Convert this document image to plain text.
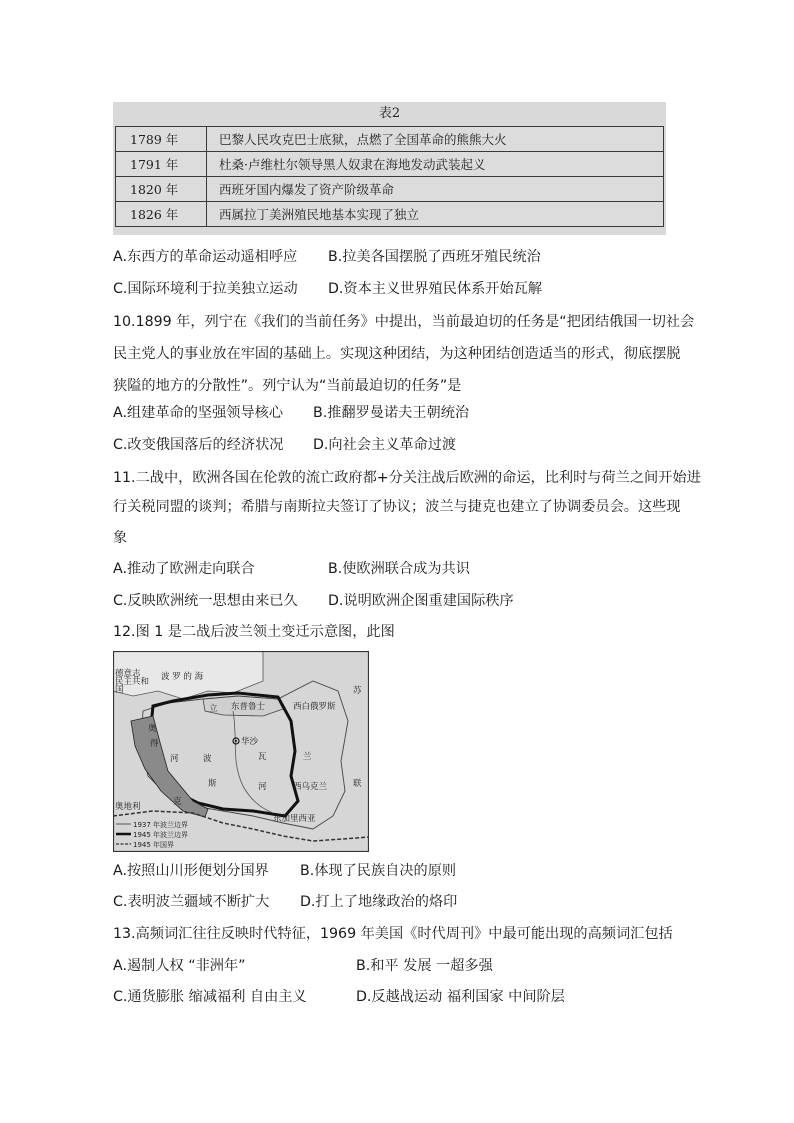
表2
1789 年	巴黎人民攻克巴士底狱，点燃了全国革命的熊熊大火
1791 年	杜桑·卢维杜尔领导黑人奴隶在海地发动武装起义
1820 年	西班牙国内爆发了资产阶级革命
1826 年	西属拉丁美洲殖民地基本实现了独立
A.东西方的革命运动遥相呼应 B.拉美各国摆脱了西班牙殖民统治
C.国际环境利于拉美独立运动 D.资本主义世界殖民体系开始瓦解
10.1899 年，列宁在《我们的当前任务》中提出，当前最迫切的任务是“把团结俄国一切社会
民主党人的事业放在牢固的基础上。实现这种团结，为这种团结创造适当的形式，彻底摆脱
狭隘的地方的分散性”。列宁认为“当前最迫切的任务”是
A.组建革命的坚强领导核心 B.推翻罗曼诺夫王朝统治
C.改变俄国落后的经济状况 D.向社会主义革命过渡
11.二战中，欧洲各国在伦敦的流亡政府都+分关注战后欧洲的命运，比利时与荷兰之间开始进
行关税同盟的谈判；希腊与南斯拉夫签订了协议；波兰与捷克也建立了协调委员会。这些现
象
A.推动了欧洲走向联合	B.使欧洲联合成为共识
C.反映欧洲统一思想由来已久 D.说明欧洲企图重建国际秩序
12.图 1 是二战后波兰领土变迁示意图，此图
波 罗 的 海
东普鲁士
立	西白俄罗斯
苏
联
华沙
波	兰
瓦
河
河
奥
得
斯
克
奥地利
西乌克兰
东加里西亚
德意志民主共和国
1937 年波兰边界
1945 年波兰边界
1945 年国界
A.按照山川形便划分国界 B.体现了民族自决的原则
C.表明波兰疆域不断扩大 D.打上了地缘政治的烙印
13.高频词汇往往反映时代特征，1969 年美国《时代周刊》中最可能出现的高频词汇包括
A.遏制人权 “非洲年”	B.和平 发展 一超多强
C.通货膨胀 缩减福利 自由主义	D.反越战运动 福利国家 中间阶层
